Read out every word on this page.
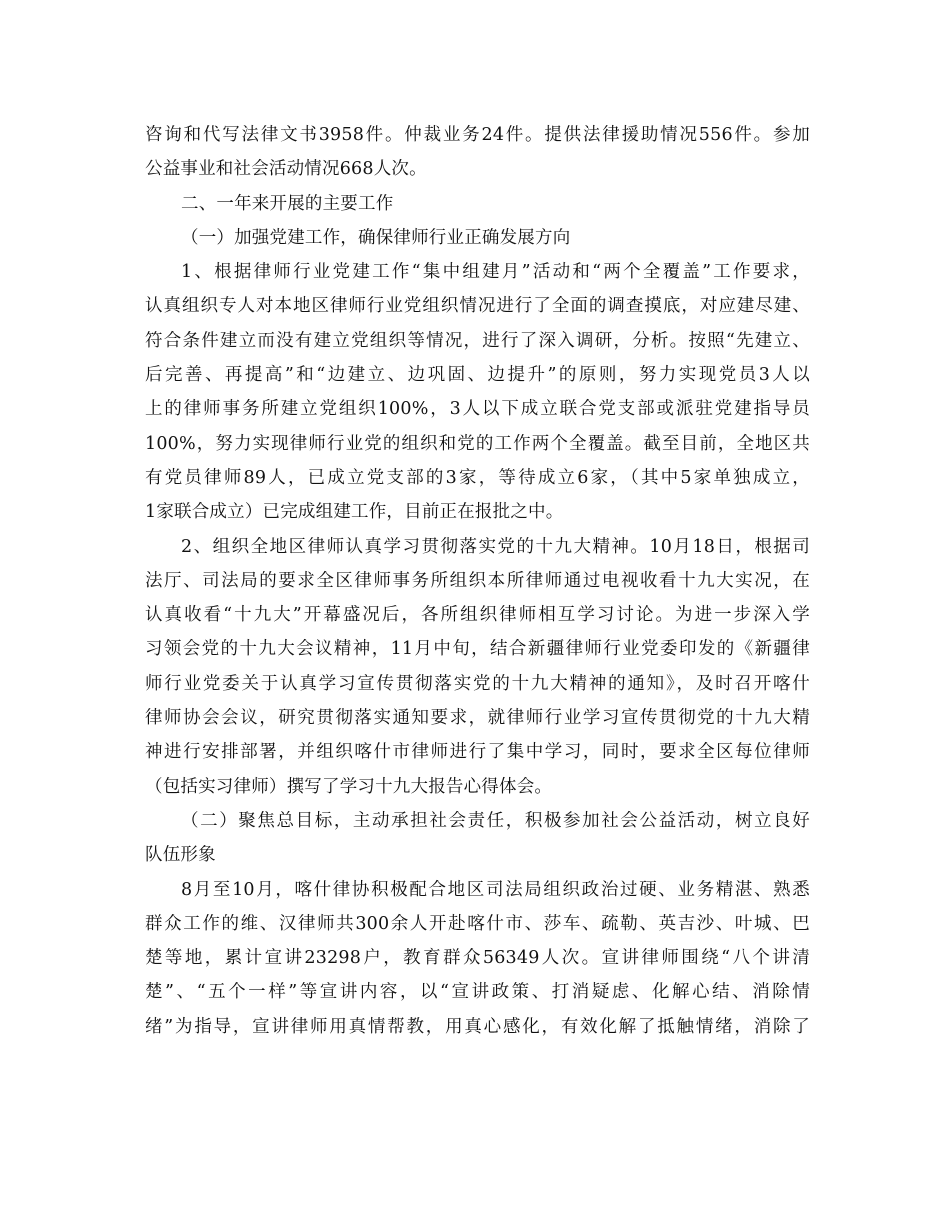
咨询和代写法律文书3958件。仲裁业务24件。提供法律援助情况556件。参加
公益事业和社会活动情况668人次。
二、一年来开展的主要工作
（一）加强党建工作，确保律师行业正确发展方向
1、根据律师行业党建工作“集中组建月”活动和“两个全覆盖”工作要求，
认真组织专人对本地区律师行业党组织情况进行了全面的调查摸底，对应建尽建、
符合条件建立而没有建立党组织等情况，进行了深入调研，分析。按照“先建立、
后完善、再提高”和“边建立、边巩固、边提升”的原则，努力实现党员3人以
上的律师事务所建立党组织100%，3人以下成立联合党支部或派驻党建指导员
100%，努力实现律师行业党的组织和党的工作两个全覆盖。截至目前，全地区共
有党员律师89人，已成立党支部的3家，等待成立6家，（其中5家单独成立，
1家联合成立）已完成组建工作，目前正在报批之中。
2、组织全地区律师认真学习贯彻落实党的十九大精神。10月18日，根据司
法厅、司法局的要求全区律师事务所组织本所律师通过电视收看十九大实况，在
认真收看“十九大”开幕盛况后，各所组织律师相互学习讨论。为进一步深入学
习领会党的十九大会议精神，11月中旬，结合新疆律师行业党委印发的《新疆律
师行业党委关于认真学习宣传贯彻落实党的十九大精神的通知》，及时召开喀什
律师协会会议，研究贯彻落实通知要求，就律师行业学习宣传贯彻党的十九大精
神进行安排部署，并组织喀什市律师进行了集中学习，同时，要求全区每位律师
（包括实习律师）撰写了学习十九大报告心得体会。
（二）聚焦总目标，主动承担社会责任，积极参加社会公益活动，树立良好
队伍形象
8月至10月，喀什律协积极配合地区司法局组织政治过硬、业务精湛、熟悉
群众工作的维、汉律师共300余人开赴喀什市、莎车、疏勒、英吉沙、叶城、巴
楚等地，累计宣讲23298户，教育群众56349人次。宣讲律师围绕“八个讲清
楚”、“五个一样”等宣讲内容，以“宣讲政策、打消疑虑、化解心结、消除情
绪”为指导，宣讲律师用真情帮教，用真心感化，有效化解了抵触情绪，消除了
